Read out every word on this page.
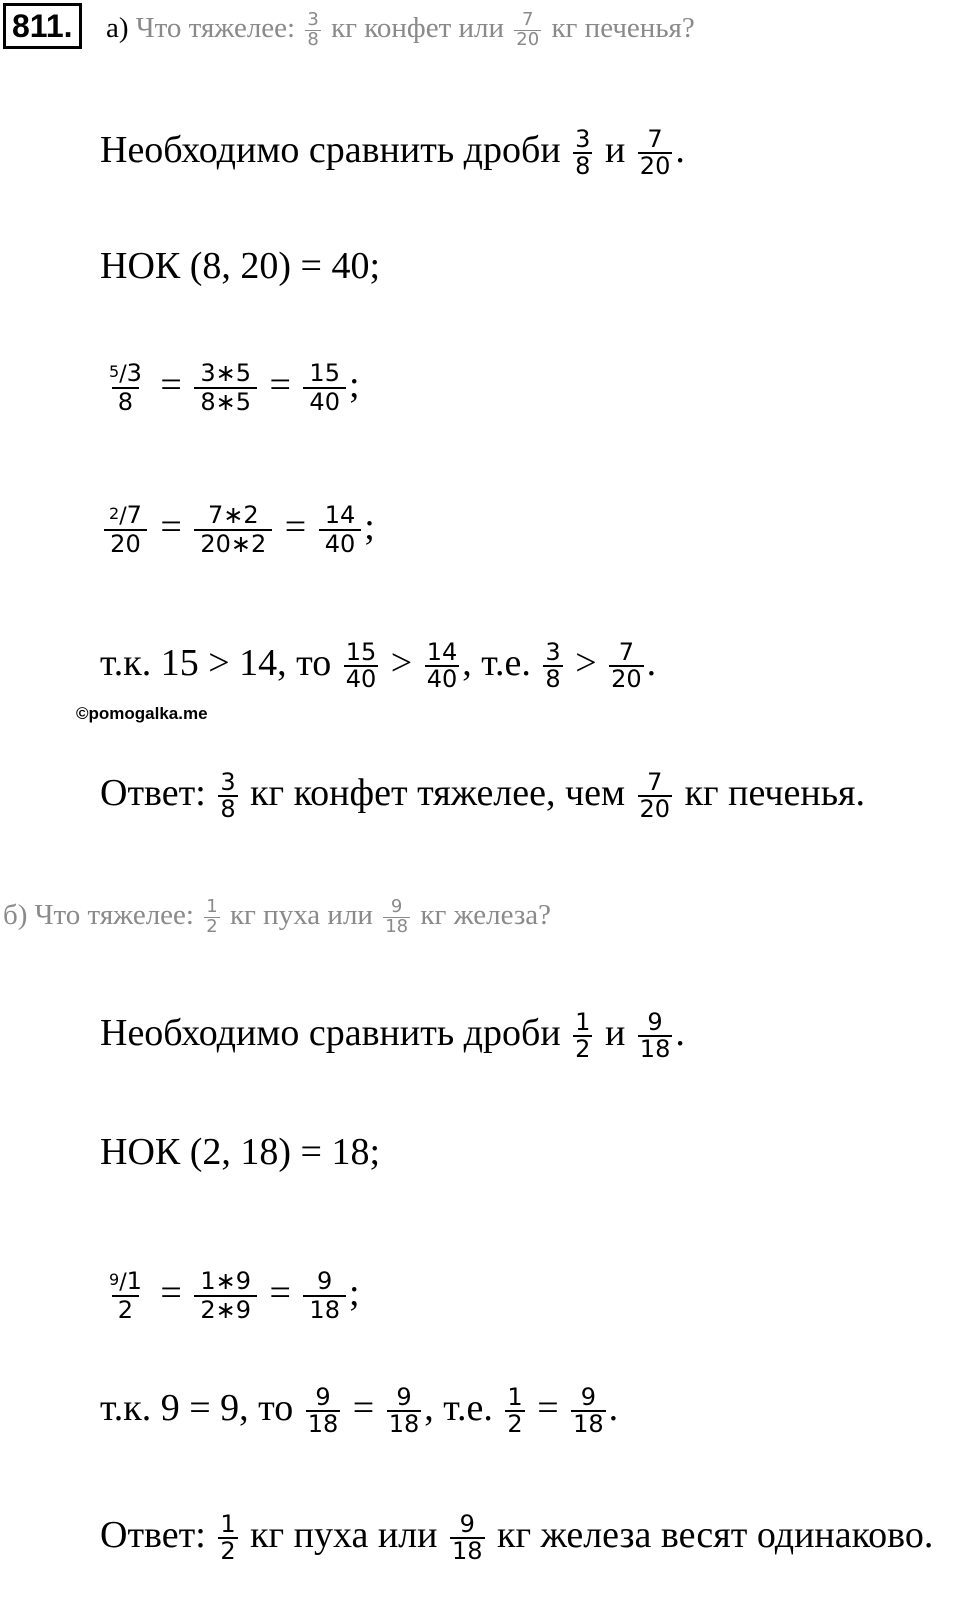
811.	а) Что тяжелее: $\frac{3}{8}$ кг конфет или $\frac{7}{20}$ кг печенья?
Необходимо сравнить дроби $\frac{3}{8}$ и $\frac{7}{20}$ .
НОК (8, 20) = 40;
$\frac{^5/3}{8} = \frac{3∗5}{8∗5} = \frac{15}{40}$ ;
$\frac{^2/7}{20} = \frac{7∗2}{20∗2} = \frac{14}{40}$ ;
т.к. 15 > 14, то $\frac{15}{40} > \frac{14}{40}$ , т.е. $\frac{3}{8} > \frac{7}{20}$ .
©pomogalka.me
Ответ: $\frac{3}{8}$ кг конфет тяжелее, чем $\frac{7}{20}$ кг печенья.
б) Что тяжелее: $\frac{1}{2}$ кг пуха или $\frac{9}{18}$ кг железа?
Необходимо сравнить дроби $\frac{1}{2}$ и $\frac{9}{18}$ .
НОК (2, 18) = 18;
$\frac{^9/1}{2} = \frac{1∗9}{2∗9} = \frac{9}{18}$ ;
т.к. 9 = 9, то $\frac{9}{18} = \frac{9}{18}$ , т.е. $\frac{1}{2} = \frac{9}{18}$ .
Ответ: $\frac{1}{2}$ кг пуха или $\frac{9}{18}$ кг железа весят одинаково.
